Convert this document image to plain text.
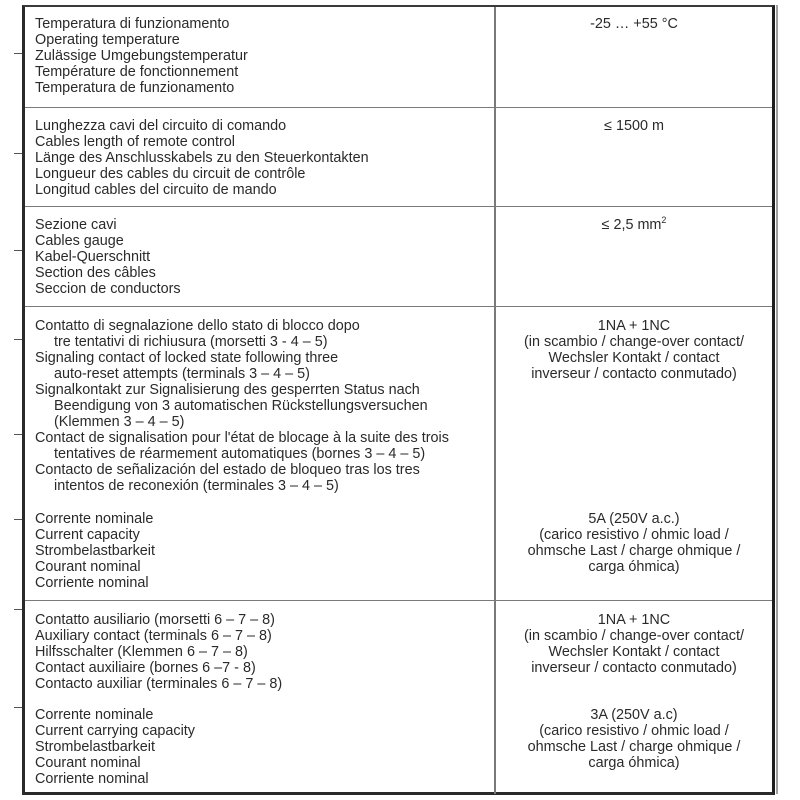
Temperatura di funzionamento
Operating temperature
Zulässige Umgebungstemperatur
Température de fonctionnement
Temperatura de funzionamento
-25 … +55 °C
Lunghezza cavi del circuito di comando
Cables length of remote control
Länge des Anschlusskabels zu den Steuerkontakten
Longueur des cables du circuit de contrôle
Longitud cables del circuito de mando
≤ 1500 m
Sezione cavi
Cables gauge
Kabel-Querschnitt
Section des câbles
Seccion de conductors
≤ 2,5 $mm^2$
Contatto di segnalazione dello stato di blocco dopo
tre tentativi di richiusura (morsetti 3 - 4 – 5)
Signaling contact of locked state following three
auto-reset attempts (terminals 3 – 4 – 5)
Signalkontakt zur Signalisierung des gesperrten Status nach
Beendigung von 3 automatischen Rückstellungsversuchen
(Klemmen 3 – 4 – 5)
Contact de signalisation pour l'état de blocage à la suite des trois
tentatives de réarmement automatiques (bornes 3 – 4 – 5)
Contacto de señalización del estado de bloqueo tras los tres
intentos de reconexión (terminales 3 – 4 – 5)
1NA + 1NC
(in scambio / change-over contact/
Wechsler Kontakt / contact
inverseur / contacto conmutado)
Corrente nominale
Current capacity
Strombelastbarkeit
Courant nominal
Corriente nominal
5A (250V a.c.)
(carico resistivo / ohmic load /
ohmsche Last / charge ohmique /
carga óhmica)
Contatto ausiliario (morsetti 6 – 7 – 8)
Auxiliary contact (terminals 6 – 7 – 8)
Hilfsschalter (Klemmen 6 – 7 – 8)
Contact auxiliaire (bornes 6 –7 - 8)
Contacto auxiliar (terminales 6 – 7 – 8)
1NA + 1NC
(in scambio / change-over contact/
Wechsler Kontakt / contact
inverseur / contacto conmutado)
Corrente nominale
Current carrying capacity
Strombelastbarkeit
Courant nominal
Corriente nominal
3A (250V a.c)
(carico resistivo / ohmic load /
ohmsche Last / charge ohmique /
carga óhmica)
